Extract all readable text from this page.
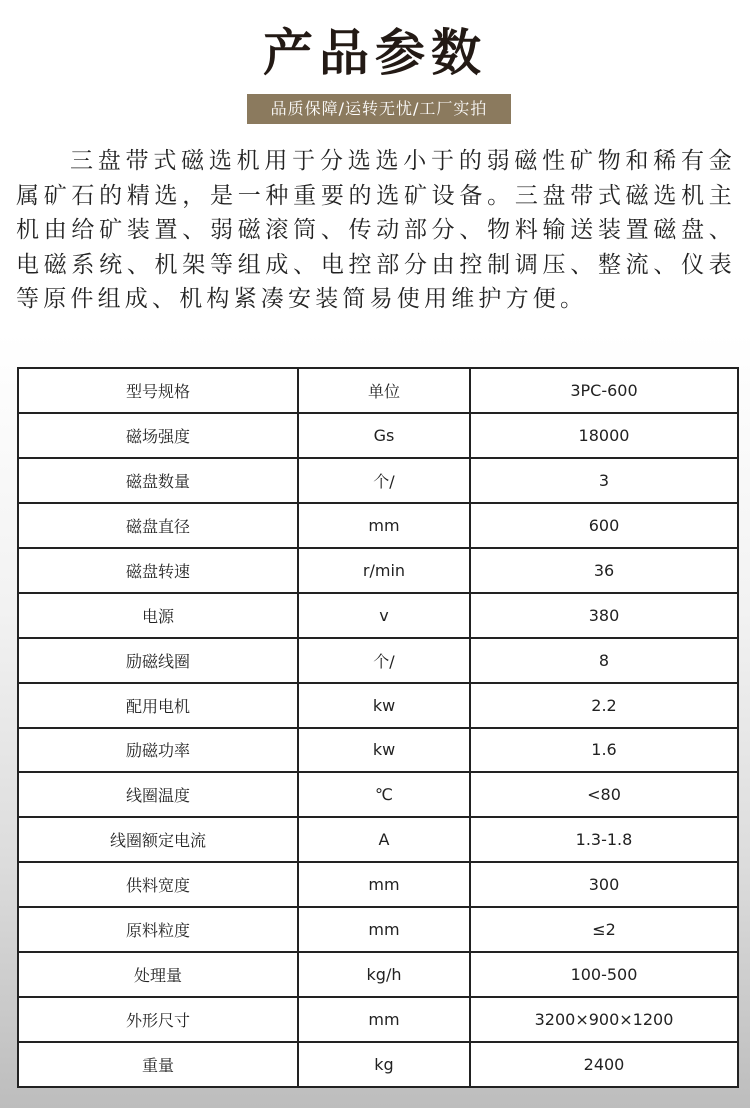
产品参数
品质保障/运转无忧/工厂实拍

三盘带式磁选机用于分选选小于的弱磁性矿物和稀有金属矿石的精选，是一种重要的选矿设备。三盘带式磁选机主机由给矿装置、弱磁滚筒、传动部分、物料输送装置磁盘、电磁系统、机架等组成、电控部分由控制调压、整流、仪表等原件组成、机构紧凑安装简易使用维护方便。

型号规格	单位	3PC-600
磁场强度	Gs	18000
磁盘数量	个/	3
磁盘直径	mm	600
磁盘转速	r/min	36
电源	v	380
励磁线圈	个/	8
配用电机	kw	2.2
励磁功率	kw	1.6
线圈温度	℃	<80
线圈额定电流	A	1.3-1.8
供料宽度	mm	300
原料粒度	mm	≤2
处理量	kg/h	100-500
外形尺寸	mm	3200×900×1200
重量	kg	2400
